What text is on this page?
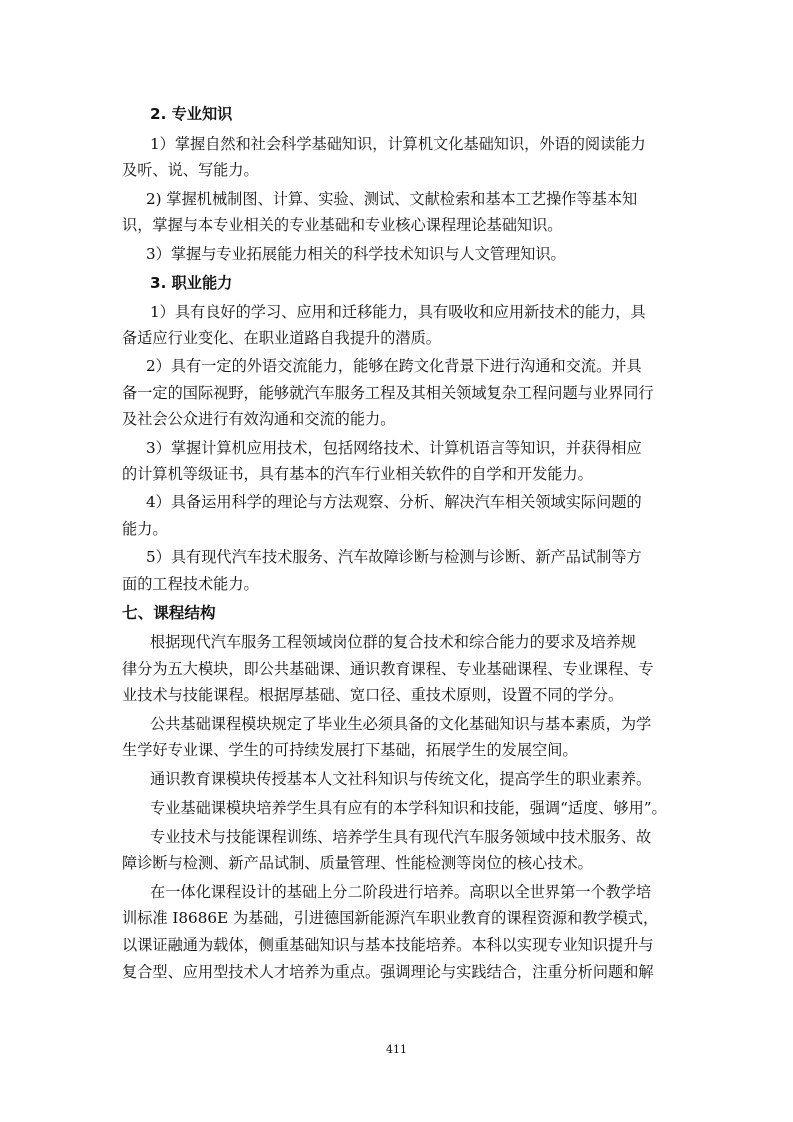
2. 专业知识
1）掌握自然和社会科学基础知识，计算机文化基础知识，外语的阅读能力
及听、说、写能力。
2) 掌握机械制图、计算、实验、测试、文献检索和基本工艺操作等基本知
识，掌握与本专业相关的专业基础和专业核心课程理论基础知识。
3）掌握与专业拓展能力相关的科学技术知识与人文管理知识。
3. 职业能力
1）具有良好的学习、应用和迁移能力，具有吸收和应用新技术的能力，具
备适应行业变化、在职业道路自我提升的潜质。
2）具有一定的外语交流能力，能够在跨文化背景下进行沟通和交流。并具
备一定的国际视野，能够就汽车服务工程及其相关领域复杂工程问题与业界同行
及社会公众进行有效沟通和交流的能力。
3）掌握计算机应用技术，包括网络技术、计算机语言等知识，并获得相应
的计算机等级证书，具有基本的汽车行业相关软件的自学和开发能力。
4）具备运用科学的理论与方法观察、分析、解决汽车相关领域实际问题的
能力。
5）具有现代汽车技术服务、汽车故障诊断与检测与诊断、新产品试制等方
面的工程技术能力。
七、课程结构
根据现代汽车服务工程领域岗位群的复合技术和综合能力的要求及培养规
律分为五大模块，即公共基础课、通识教育课程、专业基础课程、专业课程、专
业技术与技能课程。根据厚基础、宽口径、重技术原则，设置不同的学分。
公共基础课程模块规定了毕业生必须具备的文化基础知识与基本素质，为学
生学好专业课、学生的可持续发展打下基础，拓展学生的发展空间。
通识教育课模块传授基本人文社科知识与传统文化，提高学生的职业素养。
专业基础课模块培养学生具有应有的本学科知识和技能，强调“适度、够用”。
专业技术与技能课程训练、培养学生具有现代汽车服务领域中技术服务、故
障诊断与检测、新产品试制、质量管理、性能检测等岗位的核心技术。
在一体化课程设计的基础上分二阶段进行培养。高职以全世界第一个教学培
训标准 I8686E 为基础，引进德国新能源汽车职业教育的课程资源和教学模式，
以课证融通为载体，侧重基础知识与基本技能培养。本科以实现专业知识提升与
复合型、应用型技术人才培养为重点。强调理论与实践结合，注重分析问题和解
411
